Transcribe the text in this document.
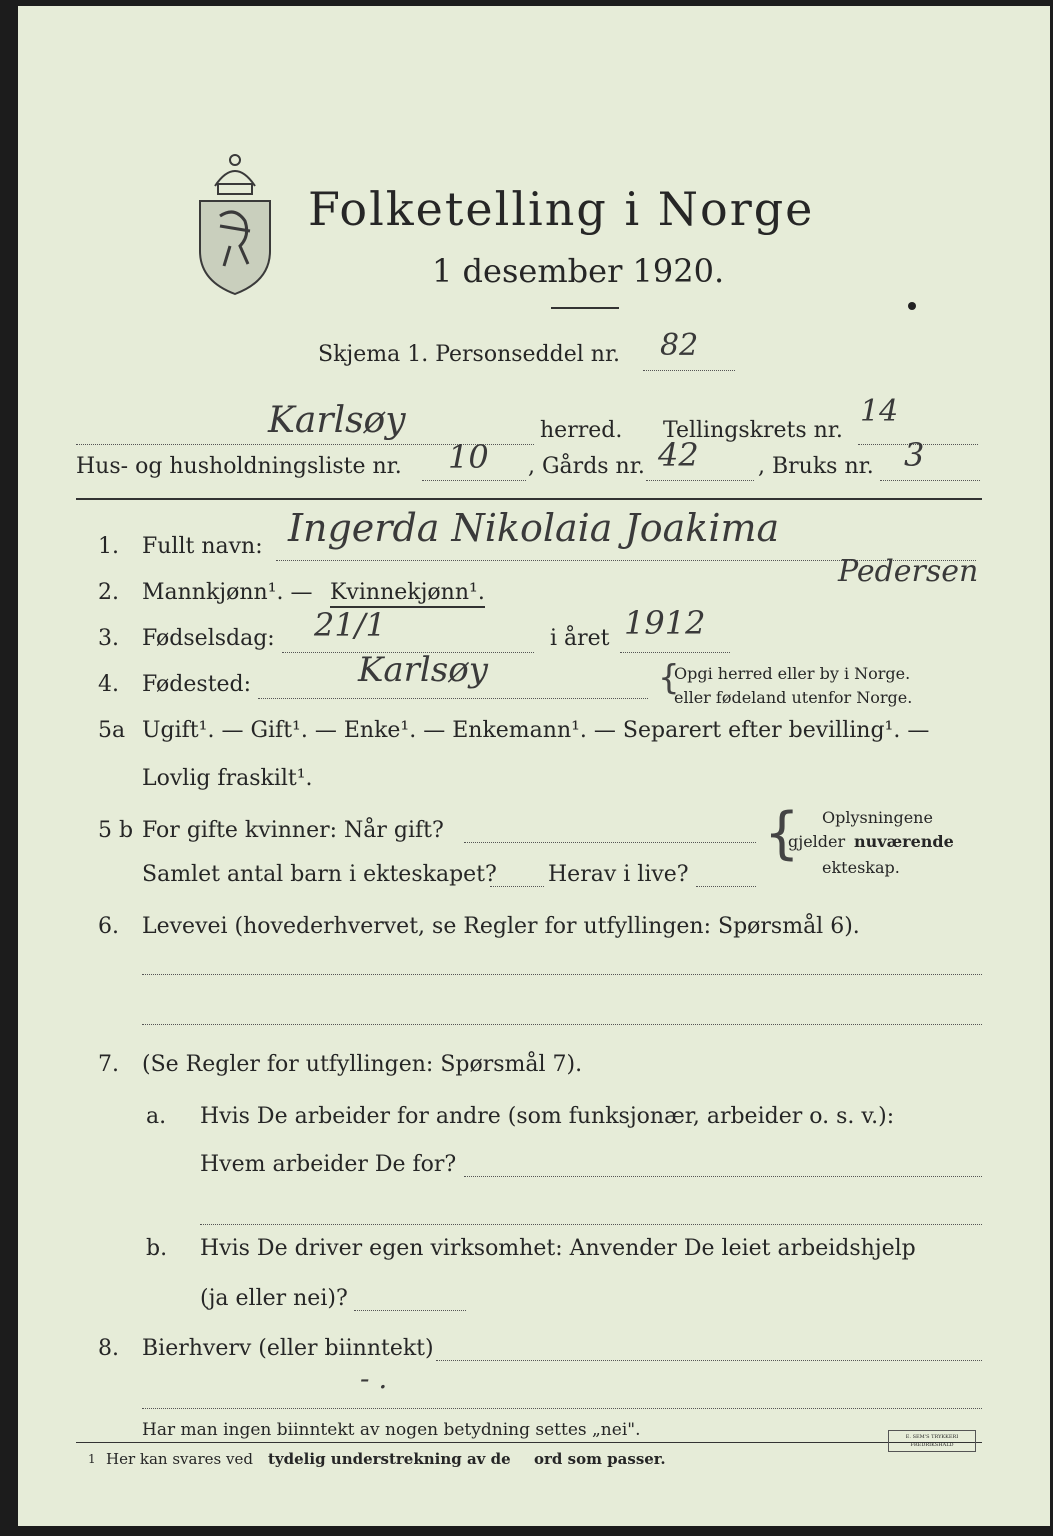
Folketelling i Norge
1 desember 1920.
Skjema 1. Personseddel nr. 82
Karlsøy	herred. Tellingskrets nr.
14
Hus- og husholdningsliste nr. 10 , Gårds nr. 42	, Bruks nr. 3
1. Fullt navn: Ingerda Nikolaia Joakima
Pedersen
2. Mannkjønn¹. — Kvinnekjønn¹.
3. Fødselsdag: 21/1	i året 1912
4. Fødested:	Karlsøy	{
Opgi herred eller by i Norge.
eller fødeland utenfor Norge.
5a Ugift¹. — Gift¹. — Enke¹. — Enkemann¹. — Separert efter bevilling¹. —
Lovlig fraskilt¹.
5 b For gifte kvinner: Når gift?
Samlet antal barn i ekteskapet? Herav i live?
{ Oplysningene
gjelder nuværende
ekteskap.
6. Levevei (hovederhvervet, se Regler for utfyllingen: Spørsmål 6).
7. (Se Regler for utfyllingen: Spørsmål 7).
a. Hvis De arbeider for andre (som funksjonær, arbeider o. s. v.):
Hvem arbeider De for?
b. Hvis De driver egen virksomhet: Anvender De leiet arbeidshjelp
(ja eller nei)?
8. Bierhverv (eller biinntekt)
- .
Har man ingen biinntekt av nogen betydning settes „nei".
1 Her kan svares ved tydelig understrekning av de ord som passer.
E. SEM'S TRYKKERI
FREDRIKSHALD
